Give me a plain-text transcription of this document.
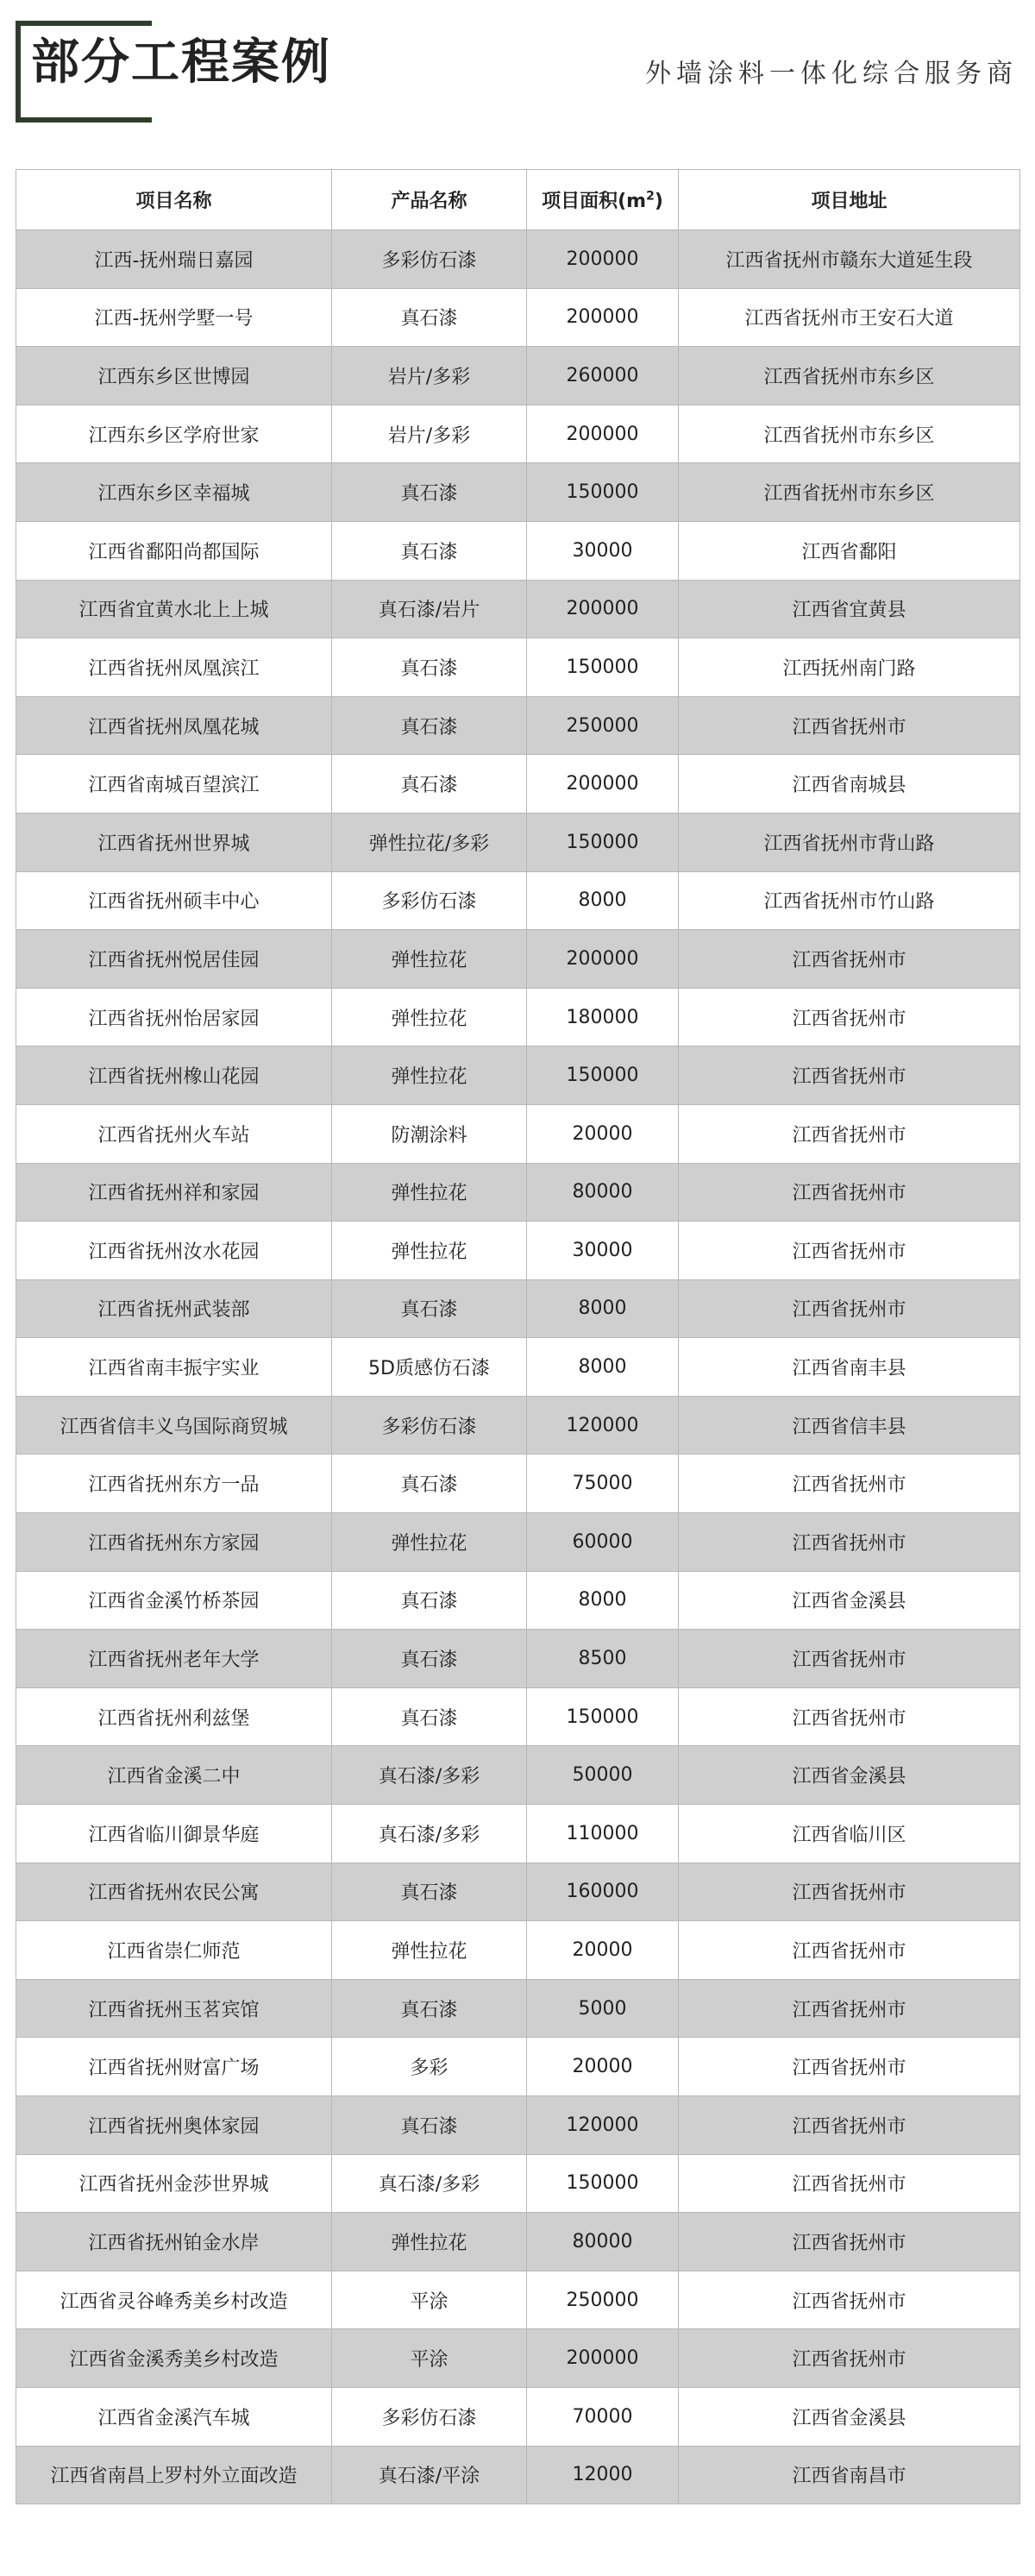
部分工程案例	外墙涂料一体化综合服务商
项目名称	产品名称	项目面积$(m^2)$	项目地址
江西-抚州瑞日嘉园	多彩仿石漆	200000	江西省抚州市赣东大道延生段
江西-抚州学墅一号	真石漆	200000	江西省抚州市王安石大道
江西东乡区世博园	岩片/多彩	260000	江西省抚州市东乡区
江西东乡区学府世家	岩片/多彩	200000	江西省抚州市东乡区
江西东乡区幸福城	真石漆	150000	江西省抚州市东乡区
江西省鄱阳尚都国际	真石漆	30000	江西省鄱阳
江西省宜黄水北上上城	真石漆/岩片	200000	江西省宜黄县
江西省抚州凤凰滨江	真石漆	150000	江西抚州南门路
江西省抚州凤凰花城	真石漆	250000	江西省抚州市
江西省南城百望滨江	真石漆	200000	江西省南城县
江西省抚州世界城	弹性拉花/多彩	150000	江西省抚州市背山路
江西省抚州硕丰中心	多彩仿石漆	8000	江西省抚州市竹山路
江西省抚州悦居佳园	弹性拉花	200000	江西省抚州市
江西省抚州怡居家园	弹性拉花	180000	江西省抚州市
江西省抚州橡山花园	弹性拉花	150000	江西省抚州市
江西省抚州火车站	防潮涂料	20000	江西省抚州市
江西省抚州祥和家园	弹性拉花	80000	江西省抚州市
江西省抚州汝水花园	弹性拉花	30000	江西省抚州市
江西省抚州武装部	真石漆	8000	江西省抚州市
江西省南丰振宇实业	5D质感仿石漆	8000	江西省南丰县
江西省信丰义乌国际商贸城	多彩仿石漆	120000	江西省信丰县
江西省抚州东方一品	真石漆	75000	江西省抚州市
江西省抚州东方家园	弹性拉花	60000	江西省抚州市
江西省金溪竹桥茶园	真石漆	8000	江西省金溪县
江西省抚州老年大学	真石漆	8500	江西省抚州市
江西省抚州利兹堡	真石漆	150000	江西省抚州市
江西省金溪二中	真石漆/多彩	50000	江西省金溪县
江西省临川御景华庭	真石漆/多彩	110000	江西省临川区
江西省抚州农民公寓	真石漆	160000	江西省抚州市
江西省崇仁师范	弹性拉花	20000	江西省抚州市
江西省抚州玉茗宾馆	真石漆	5000	江西省抚州市
江西省抚州财富广场	多彩	20000	江西省抚州市
江西省抚州奥体家园	真石漆	120000	江西省抚州市
江西省抚州金莎世界城	真石漆/多彩	150000	江西省抚州市
江西省抚州铂金水岸	弹性拉花	80000	江西省抚州市
江西省灵谷峰秀美乡村改造	平涂	250000	江西省抚州市
江西省金溪秀美乡村改造	平涂	200000	江西省抚州市
江西省金溪汽车城	多彩仿石漆	70000	江西省金溪县
江西省南昌上罗村外立面改造	真石漆/平涂	12000	江西省南昌市
